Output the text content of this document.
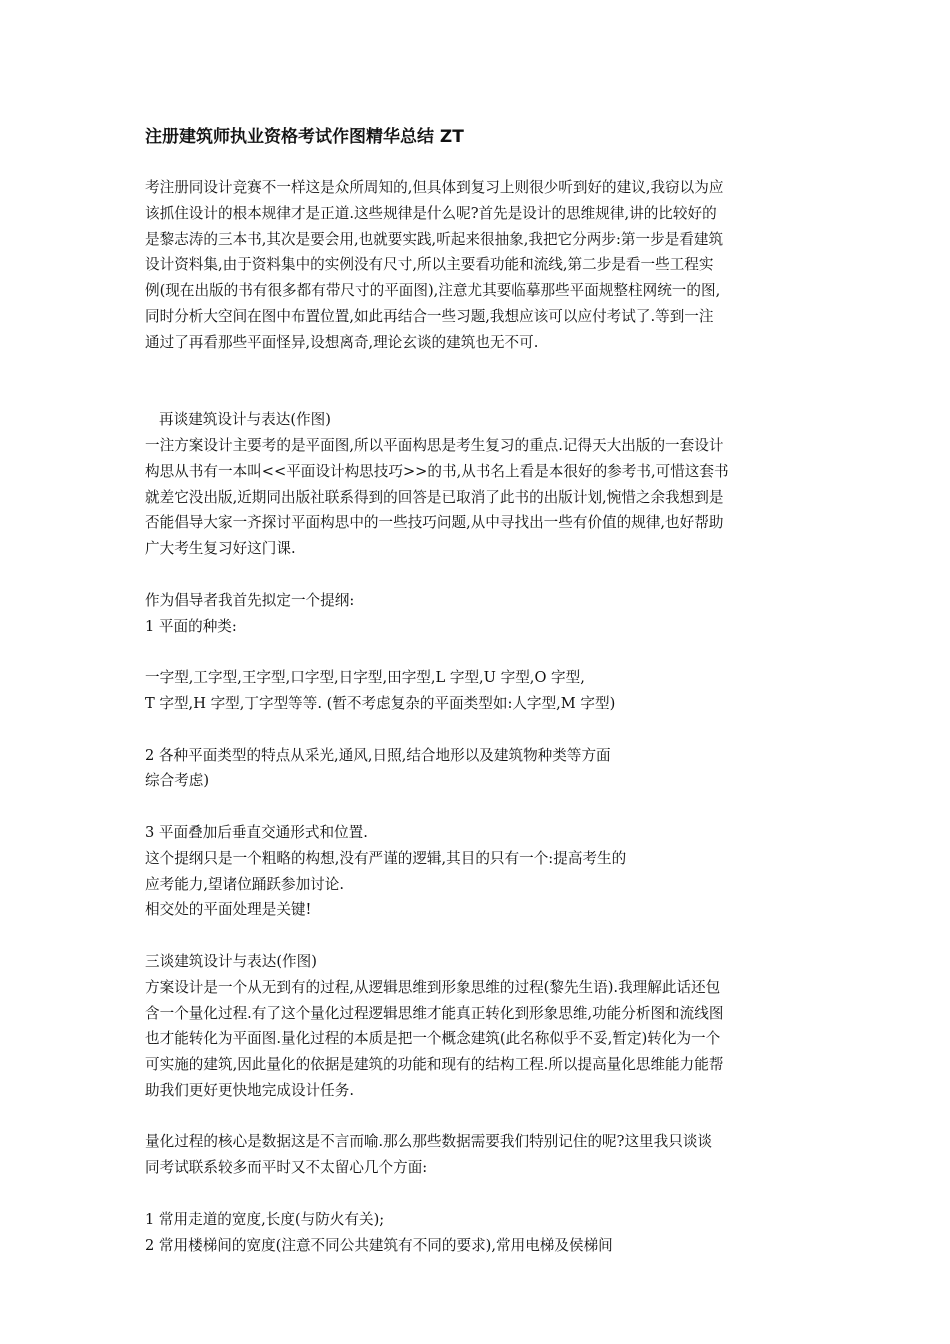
注册建筑师执业资格考试作图精华总结 ZT
考注册同设计竞赛不一样这是众所周知的,但具体到复习上则很少听到好的建议,我窃以为应
该抓住设计的根本规律才是正道.这些规律是什么呢?首先是设计的思维规律,讲的比较好的
是黎志涛的三本书,其次是要会用,也就要实践,听起来很抽象,我把它分两步:第一步是看建筑
设计资料集,由于资料集中的实例没有尺寸,所以主要看功能和流线,第二步是看一些工程实
例(现在出版的书有很多都有带尺寸的平面图),注意尤其要临摹那些平面规整柱网统一的图,
同时分析大空间在图中布置位置,如此再结合一些习题,我想应该可以应付考试了.等到一注
通过了再看那些平面怪异,设想离奇,理论玄谈的建筑也无不可.
再谈建筑设计与表达(作图)
一注方案设计主要考的是平面图,所以平面构思是考生复习的重点.记得天大出版的一套设计
构思从书有一本叫<<平面设计构思技巧>>的书,从书名上看是本很好的参考书,可惜这套书
就差它没出版,近期同出版社联系得到的回答是已取消了此书的出版计划,惋惜之余我想到是
否能倡导大家一齐探讨平面构思中的一些技巧问题,从中寻找出一些有价值的规律,也好帮助
广大考生复习好这门课.
作为倡导者我首先拟定一个提纲:
1 平面的种类:
一字型,工字型,王字型,口字型,日字型,田字型,L 字型,U 字型,O 字型,
T 字型,H 字型,丁字型等等. (暂不考虑复杂的平面类型如:人字型,M 字型)
2 各种平面类型的特点从采光,通风,日照,结合地形以及建筑物种类等方面
综合考虑)
3 平面叠加后垂直交通形式和位置.
这个提纲只是一个粗略的构想,没有严谨的逻辑,其目的只有一个:提高考生的
应考能力,望诸位踊跃参加讨论.
相交处的平面处理是关键!
三谈建筑设计与表达(作图)
方案设计是一个从无到有的过程,从逻辑思维到形象思维的过程(黎先生语).我理解此话还包
含一个量化过程.有了这个量化过程逻辑思维才能真正转化到形象思维,功能分析图和流线图
也才能转化为平面图.量化过程的本质是把一个概念建筑(此名称似乎不妥,暂定)转化为一个
可实施的建筑,因此量化的依据是建筑的功能和现有的结构工程.所以提高量化思维能力能帮
助我们更好更快地完成设计任务.
量化过程的核心是数据这是不言而喻.那么那些数据需要我们特别记住的呢?这里我只谈谈
同考试联系较多而平时又不太留心几个方面:
1 常用走道的宽度,长度(与防火有关);
2 常用楼梯间的宽度(注意不同公共建筑有不同的要求),常用电梯及侯梯间
